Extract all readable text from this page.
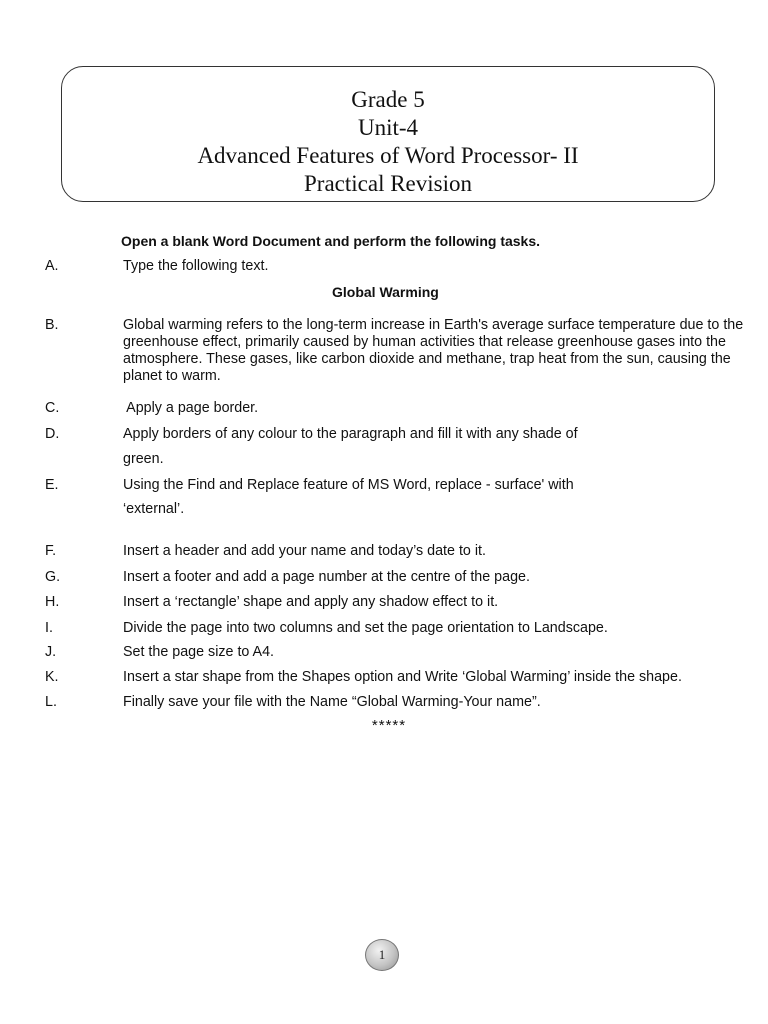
Grade 5
Unit-4
Advanced Features of Word Processor- II
Practical Revision
Open a blank Word Document and perform the following tasks.
A.	Type the following text.
Global Warming
B.	Global warming refers to the long-term increase in Earth's average surface temperature due to the greenhouse effect, primarily caused by human activities that release greenhouse gases into the atmosphere. These gases, like carbon dioxide and methane, trap heat from the sun, causing the planet to warm.
C.	Apply a page border.
D.	Apply borders of any colour to the paragraph and fill it with any shade of
green.
E.	Using the Find and Replace feature of MS Word, replace - surface' with
‘external’.
F.	Insert a header and add your name and today’s date to it.
G.	Insert a footer and add a page number at the centre of the page.
H.	Insert a ‘rectangle’ shape and apply any shadow effect to it.
I.	Divide the page into two columns and set the page orientation to Landscape.
J.	Set the page size to A4.
K.	Insert a star shape from the Shapes option and Write ‘Global Warming’ inside the shape.
L.	Finally save your file with the Name “Global Warming-Your name”.
*****
1
